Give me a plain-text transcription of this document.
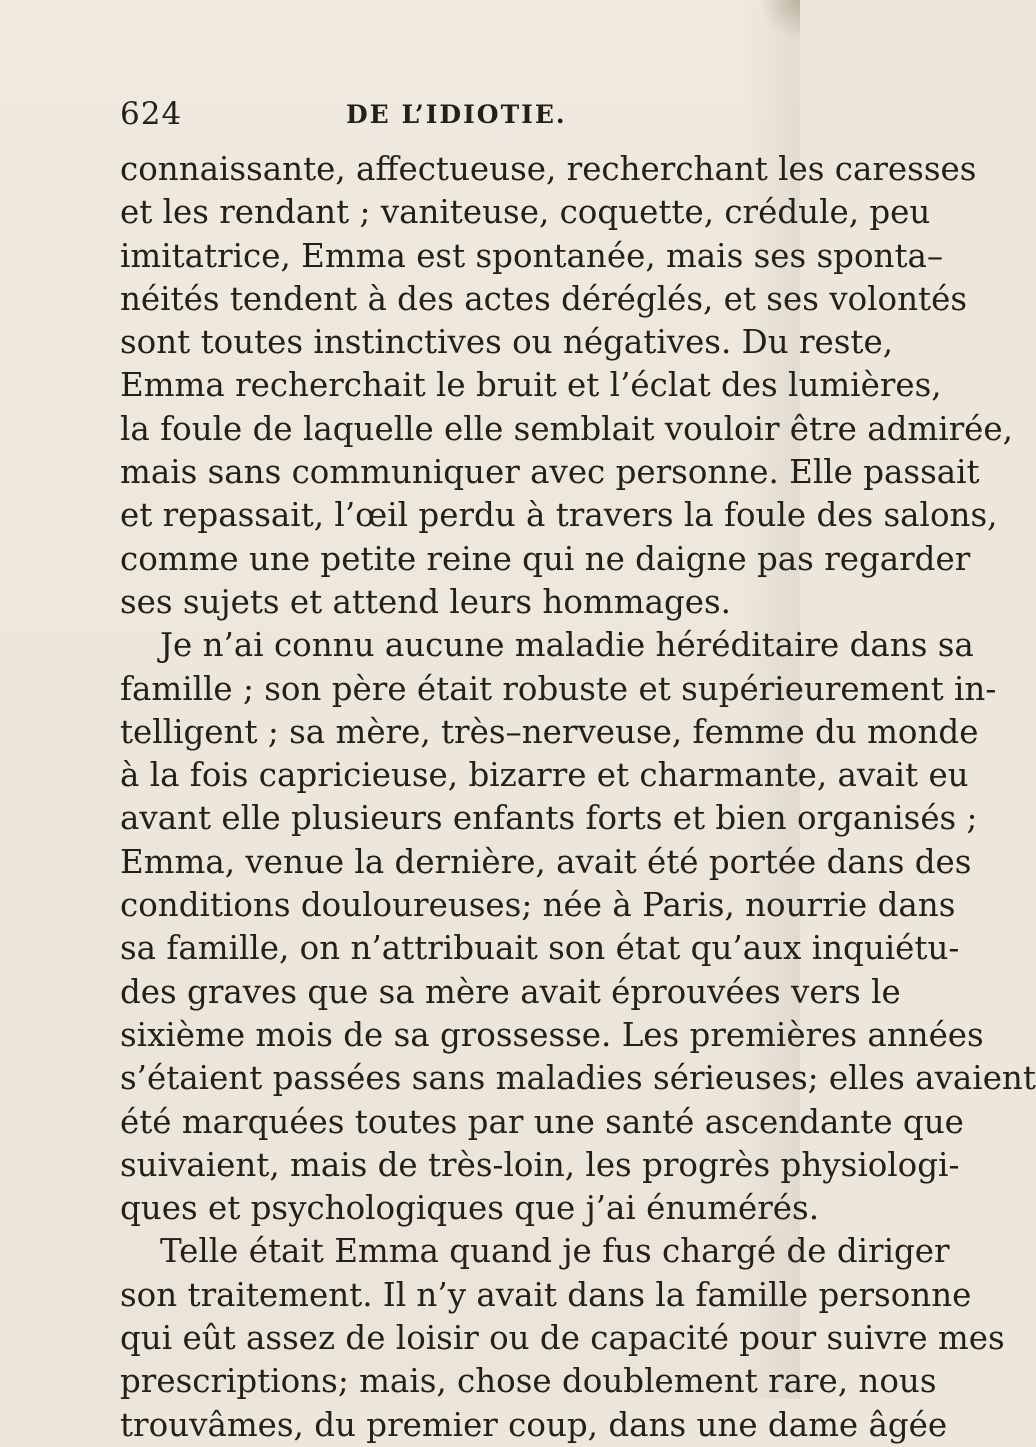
624	DE L’IDIOTIE.
connaissante, affectueuse, recherchant les caresses
et les rendant ; vaniteuse, coquette, crédule, peu
imitatrice, Emma est spontanée, mais ses sponta–
néités tendent à des actes déréglés, et ses volontés
sont toutes instinctives ou négatives. Du reste,
Emma recherchait le bruit et l’éclat des lumières,
la foule de laquelle elle semblait vouloir être admirée,
mais sans communiquer avec personne. Elle passait
et repassait, l’œil perdu à travers la foule des salons,
comme une petite reine qui ne daigne pas regarder
ses sujets et attend leurs hommages.
Je n’ai connu aucune maladie héréditaire dans sa
famille ; son père était robuste et supérieurement in-
telligent ; sa mère, très–nerveuse, femme du monde
à la fois capricieuse, bizarre et charmante, avait eu
avant elle plusieurs enfants forts et bien organisés ;
Emma, venue la dernière, avait été portée dans des
conditions douloureuses; née à Paris, nourrie dans
sa famille, on n’attribuait son état qu’aux inquiétu-
des graves que sa mère avait éprouvées vers le
sixième mois de sa grossesse. Les premières années
s’étaient passées sans maladies sérieuses; elles avaient
été marquées toutes par une santé ascendante que
suivaient, mais de très-loin, les progrès physiologi-
ques et psychologiques que j’ai énumérés.
Telle était Emma quand je fus chargé de diriger
son traitement. Il n’y avait dans la famille personne
qui eût assez de loisir ou de capacité pour suivre mes
prescriptions; mais, chose doublement rare, nous
trouvâmes, du premier coup, dans une dame âgée
